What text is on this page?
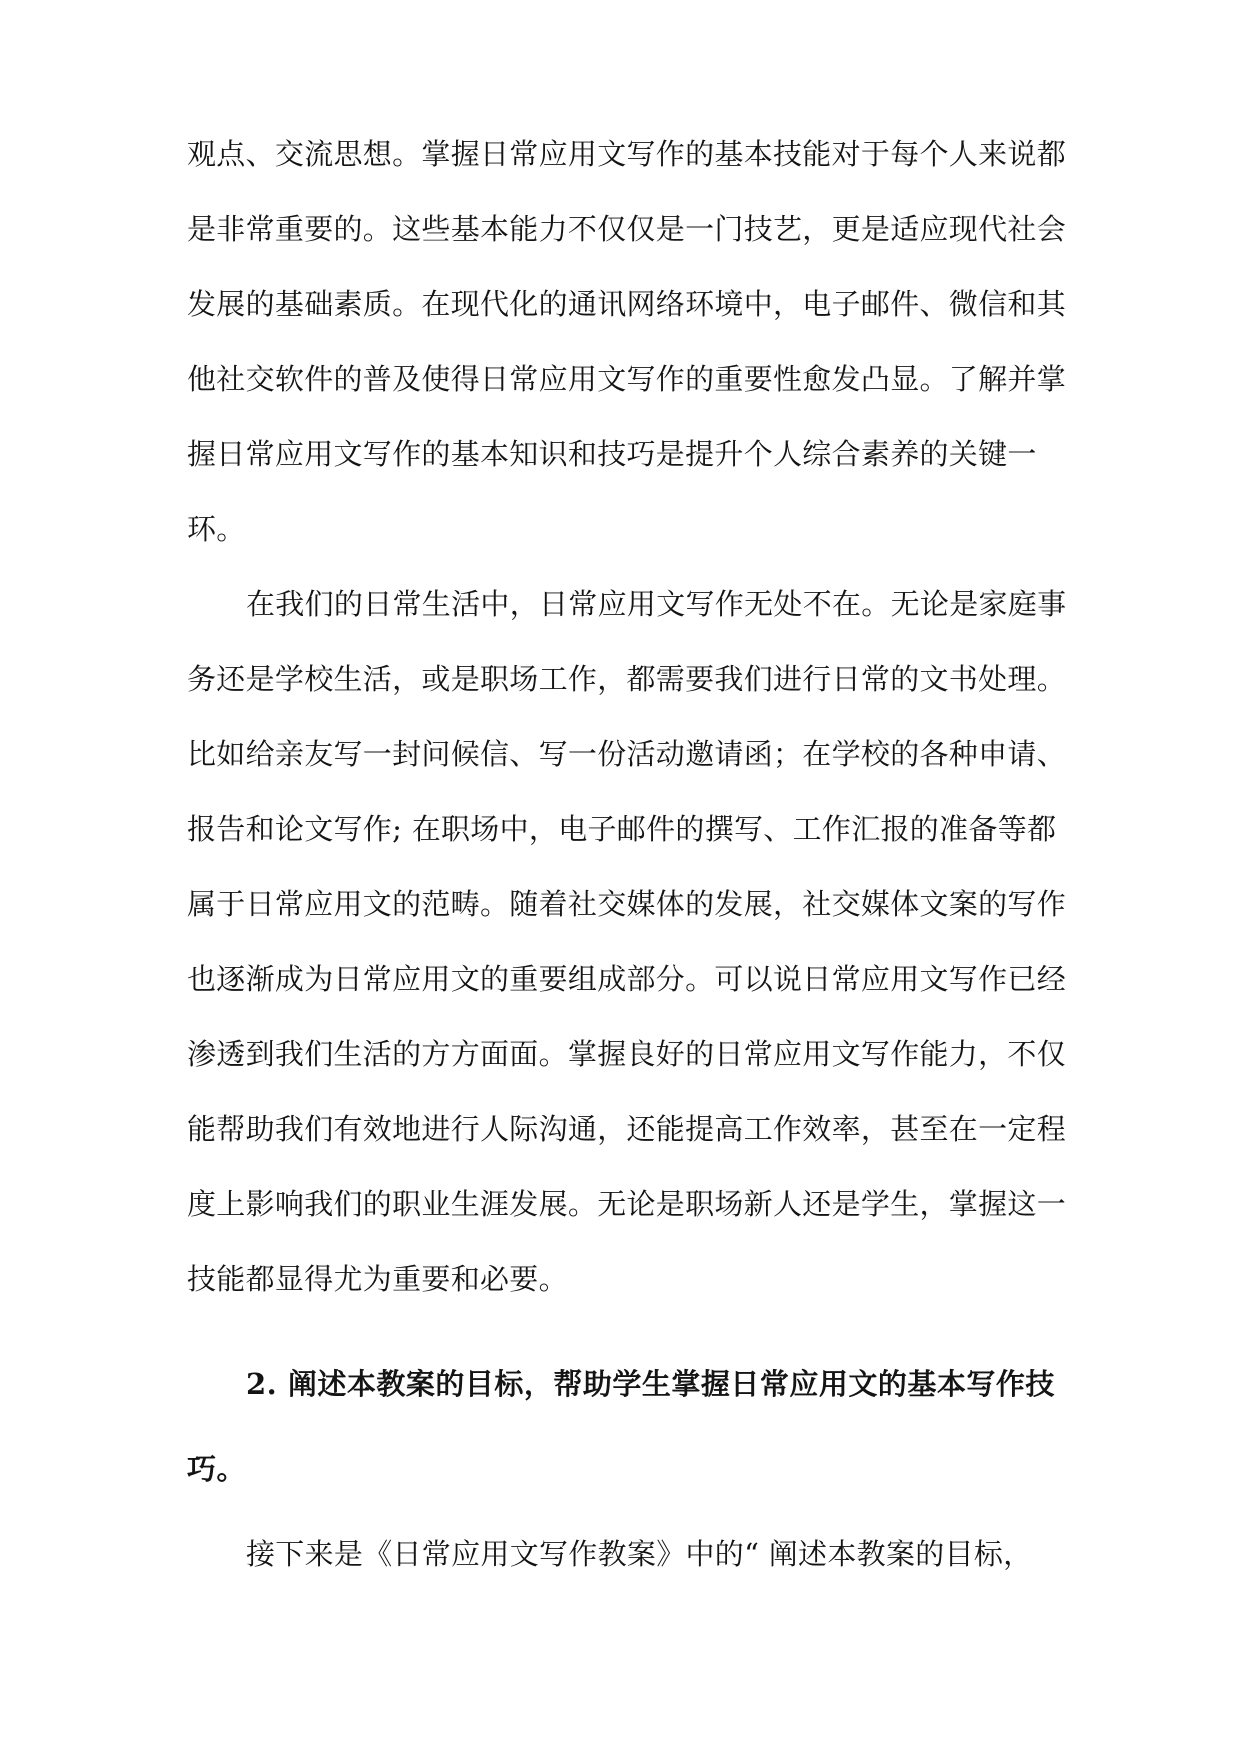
观点、交流思想。掌握日常应用文写作的基本技能对于每个人来说都
是非常重要的。这些基本能力不仅仅是一门技艺，更是适应现代社会
发展的基础素质。在现代化的通讯网络环境中，电子邮件、微信和其
他社交软件的普及使得日常应用文写作的重要性愈发凸显。了解并掌
握日常应用文写作的基本知识和技巧是提升个人综合素养的关键一
环。
在我们的日常生活中，日常应用文写作无处不在。无论是家庭事
务还是学校生活，或是职场工作，都需要我们进行日常的文书处理。
比如给亲友写一封问候信、写一份活动邀请函；在学校的各种申请、
报告和论文写作; 在职场中，电子邮件的撰写、工作汇报的准备等都
属于日常应用文的范畴。随着社交媒体的发展，社交媒体文案的写作
也逐渐成为日常应用文的重要组成部分。可以说日常应用文写作已经
渗透到我们生活的方方面面。掌握良好的日常应用文写作能力，不仅
能帮助我们有效地进行人际沟通，还能提高工作效率，甚至在一定程
度上影响我们的职业生涯发展。无论是职场新人还是学生，掌握这一
技能都显得尤为重要和必要。
2. 阐述本教案的目标，帮助学生掌握日常应用文的基本写作技
巧。
接下来是《日常应用文写作教案》中的“ 阐述本教案的目标，
